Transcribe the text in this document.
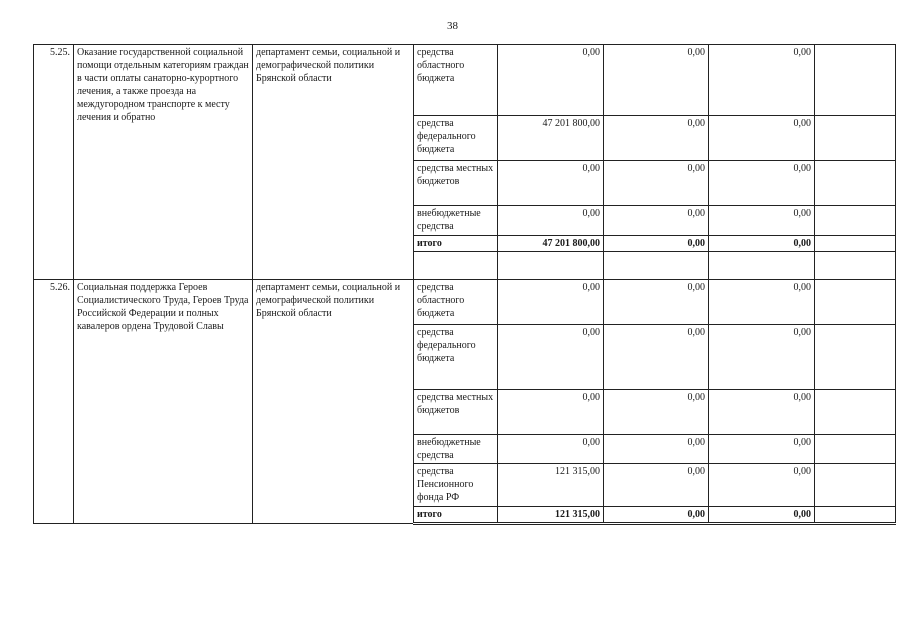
38
5.25.	Оказание государственной социальной помощи отдельным категориям граждан в части оплаты санаторно-курортного лечения, а также проезда на междугородном транспорте к месту лечения и обратно	департамент семьи, социальной и демографической политики Брянской области	средства областного бюджета	0,00	0,00	0,00	
			средства федерального бюджета	47 201 800,00	0,00	0,00	
			средства местных бюджетов	0,00	0,00	0,00	
			внебюджетные средства	0,00	0,00	0,00	
			итого	47 201 800,00	0,00	0,00	

5.26.	Социальная поддержка Героев Социалистического Труда, Героев Труда Российской Федерации и полных кавалеров ордена Трудовой Славы	департамент семьи, социальной и демографической политики Брянской области	средства областного бюджета	0,00	0,00	0,00	
			средства федерального бюджета	0,00	0,00	0,00	
			средства местных бюджетов	0,00	0,00	0,00	
			внебюджетные средства	0,00	0,00	0,00	
			средства Пенсионного фонда РФ	121 315,00	0,00	0,00	
			итого	121 315,00	0,00	0,00	
